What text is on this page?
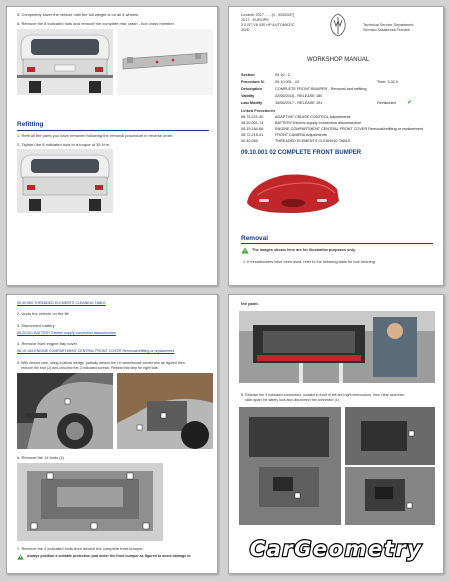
5. Completely lower the vehicle until the full weight is on all 4 wheels.
6. Remove the 8 indicated nuts and remove the complete rear crash - box cross member.
Refitting
1. Refit all the parts you have removed following the removal procedure in reverse order.
2. Tighten the 8 indicated nuts to a torque of 35 N·m.
Levante 2017 - ... [0 - 9055337]
2017 - EUROPE
3.0 BT V6 430 HP AUTOMATIC
4WD
Technical Service Department
Servizio Assistenza Tecnica
WORKSHOP MANUAL
Section	09.10 - 2
Procedure N.	09.10.001 - 02	Time: 3.02 h
Description	COMPLETE FRONT BUMPER - Removal and refitting
Validity	22/06/2016 - RELEASE 180
Last Modify	16/06/2017 - RELEASE 191	Revisioned ✔
Linked Procedures
08.75.221-40	ADAPTIVE CRUISE CONTROL Adjustments
08.20.001-74	BATTERY Electric supply connection disconnection
08.15.184-66	ENGINE COMPARTMENT CENTRAL FRONT COVER Removal/refitting or replacement
08.72.215-41	FRONT CAMERA Adjustments
00.40.060	THREADED ELEMENTS CLEANING TABLE
09.10.001 02 COMPLETE FRONT BUMPER
Removal
The images shown here are for illustrative purposes only.
1. If threadlockers have been used, refer to the following table for bolt cleaning.
00.40.060-THREADED ELEMENTS CLEANING TABLE
2. Undo the vehicle on the lift.
3. Disconnect battery.
08.20.001-BATTERY Electric supply connection disconnection
4. Remove front engine bay cover.
08.15.184-ENGINE COMPARTMENT CENTRAL FRONT COVER Removal/refitting or replacement
5. With utmost care, using a lathes wedge, partially detach the LH wheelhouse border trim as figured then
remove the bolt (1) and unscrew the 2 indicated screws. Repeat this step for right side.
6. Remove the 14 bolts (1)
7. Remove the 4 indicated bolts then detach the complete front bumper.
Always position a suitable protection pad under the front bumper as figured to avoid damage to
the paint.
8. Release the 3 indicated connectors, located in front of left and right intercoolers, then clear seal then
slide apart the safety lock and disconnect the connector (1).
CarGeometry
